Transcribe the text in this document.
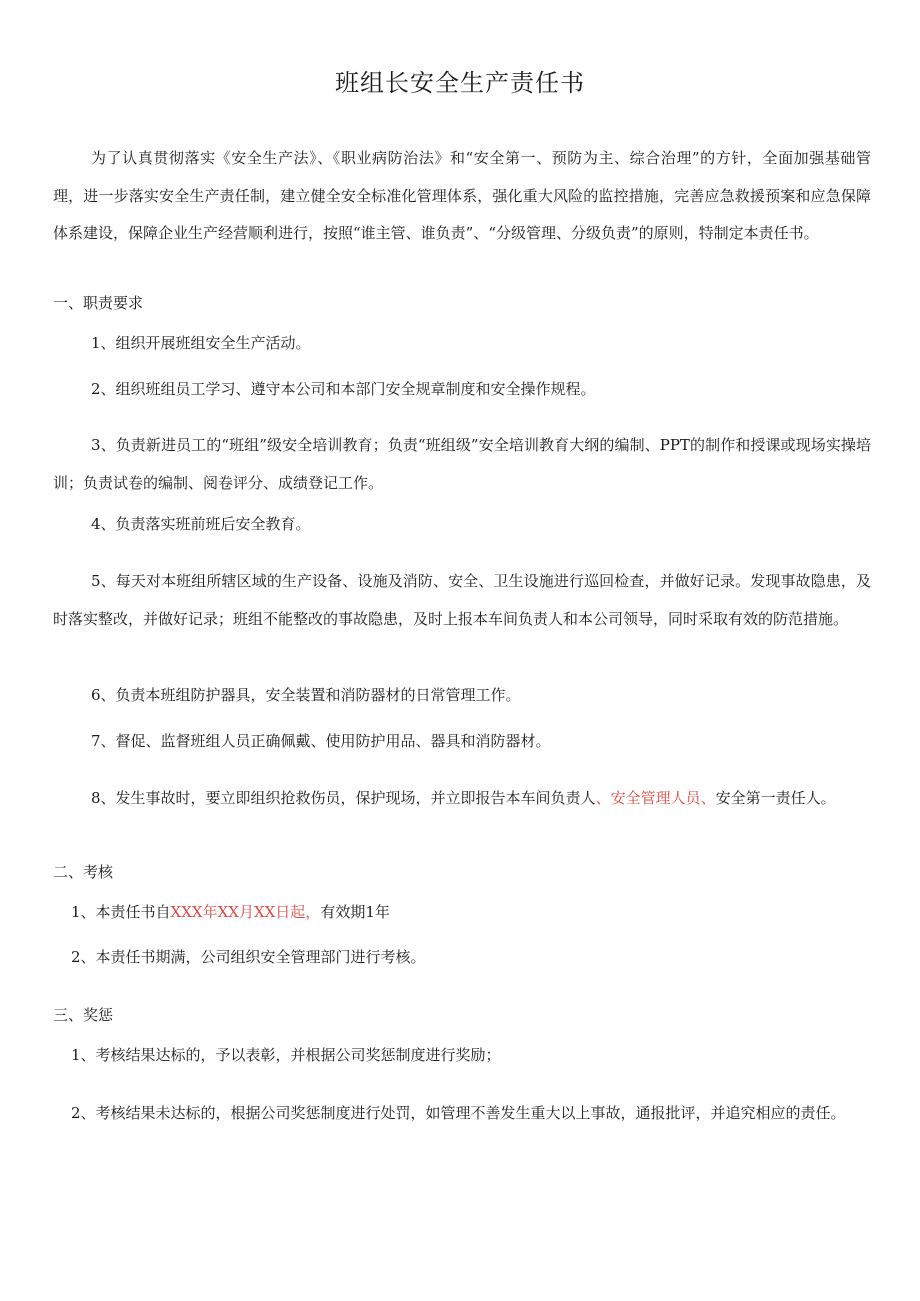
班组长安全生产责任书

为了认真贯彻落实《安全生产法》、《职业病防治法》和“安全第一、预防为主、综合治理”的方针，全面加强基础管理，进一步落实安全生产责任制，建立健全安全标准化管理体系，强化重大风险的监控措施，完善应急救援预案和应急保障体系建设，保障企业生产经营顺利进行，按照“谁主管、谁负责”、“分级管理、分级负责”的原则，特制定本责任书。

一、职责要求
1、组织开展班组安全生产活动。
2、组织班组员工学习、遵守本公司和本部门安全规章制度和安全操作规程。

3、负责新进员工的“班组”级安全培训教育；负责“班组级”安全培训教育大纲的编制、PPT的制作和授课或现场实操培训；负责试卷的编制、阅卷评分、成绩登记工作。

4、负责落实班前班后安全教育。

5、每天对本班组所辖区域的生产设备、设施及消防、安全、卫生设施进行巡回检查，并做好记录。发现事故隐患，及时落实整改，并做好记录；班组不能整改的事故隐患，及时上报本车间负责人和本公司领导，同时采取有效的防范措施。

6、负责本班组防护器具，安全装置和消防器材的日常管理工作。
7、督促、监督班组人员正确佩戴、使用防护用品、器具和消防器材。

8、发生事故时，要立即组织抢救伤员，保护现场，并立即报告本车间负责人、安全管理人员、安全第一责任人。

二、考核
1、本责任书自XXX年XX月XX日起，有效期1年
2、本责任书期满，公司组织安全管理部门进行考核。
三、奖惩
1、考核结果达标的，予以表彰，并根据公司奖惩制度进行奖励；

2、考核结果未达标的，根据公司奖惩制度进行处罚，如管理不善发生重大以上事故，通报批评，并追究相应的责任。
